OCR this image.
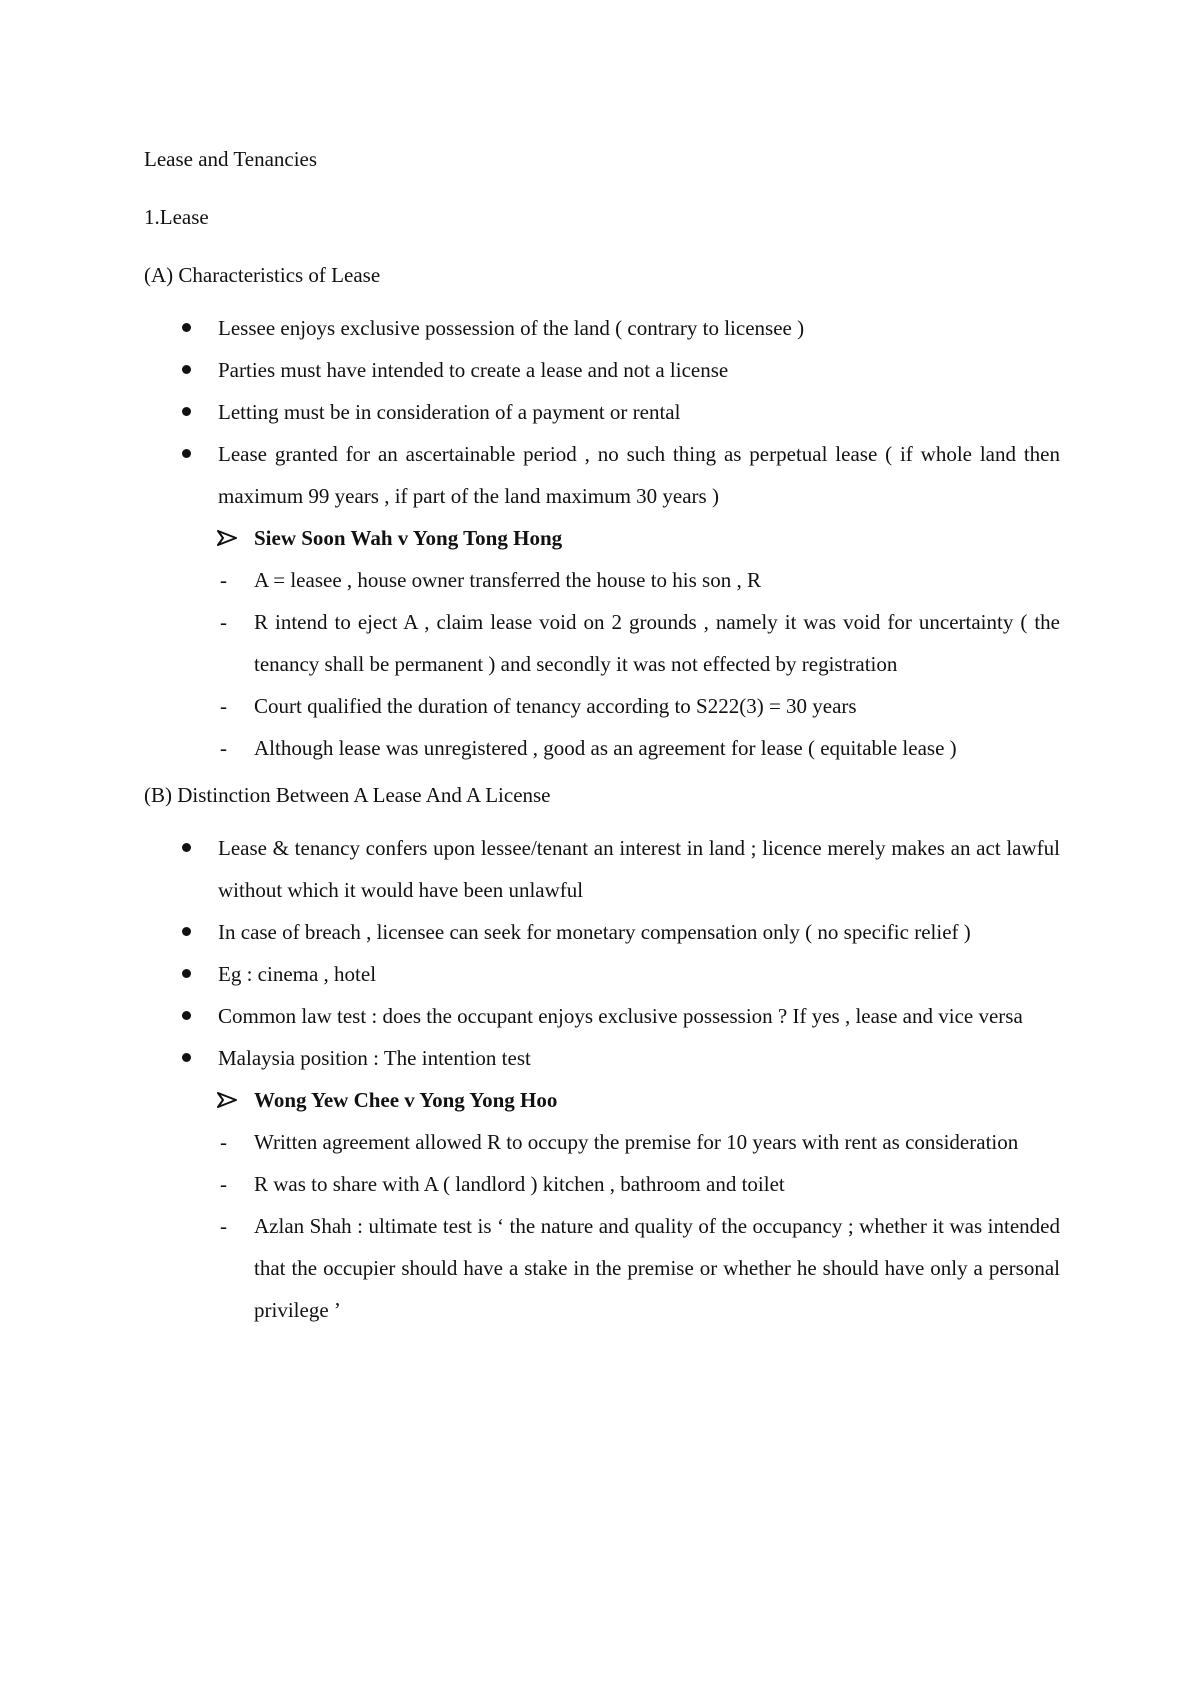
Lease and Tenancies

1.Lease

(A) Characteristics of Lease

Lessee enjoys exclusive possession of the land ( contrary to licensee )
Parties must have intended to create a lease and not a license
Letting must be in consideration of a payment or rental
Lease granted for an ascertainable period , no such thing as perpetual lease ( if whole land then maximum 99 years , if part of the land maximum 30 years )
Siew Soon Wah v Yong Tong Hong
- A = leasee , house owner transferred the house to his son , R
- R intend to eject A , claim lease void on 2 grounds , namely it was void for uncertainty ( the tenancy shall be permanent ) and secondly it was not effected by registration
- Court qualified the duration of tenancy according to S222(3) = 30 years
- Although lease was unregistered , good as an agreement for lease ( equitable lease )

(B) Distinction Between A Lease And A License

Lease & tenancy confers upon lessee/tenant an interest in land ; licence merely makes an act lawful without which it would have been unlawful
In case of breach , licensee can seek for monetary compensation only ( no specific relief )
Eg : cinema , hotel
Common law test : does the occupant enjoys exclusive possession ? If yes , lease and vice versa
Malaysia position : The intention test
Wong Yew Chee v Yong Yong Hoo
- Written agreement allowed R to occupy the premise for 10 years with rent as consideration
- R was to share with A ( landlord ) kitchen , bathroom and toilet
- Azlan Shah : ultimate test is ‘ the nature and quality of the occupancy ; whether it was intended that the occupier should have a stake in the premise or whether he should have only a personal privilege ’
